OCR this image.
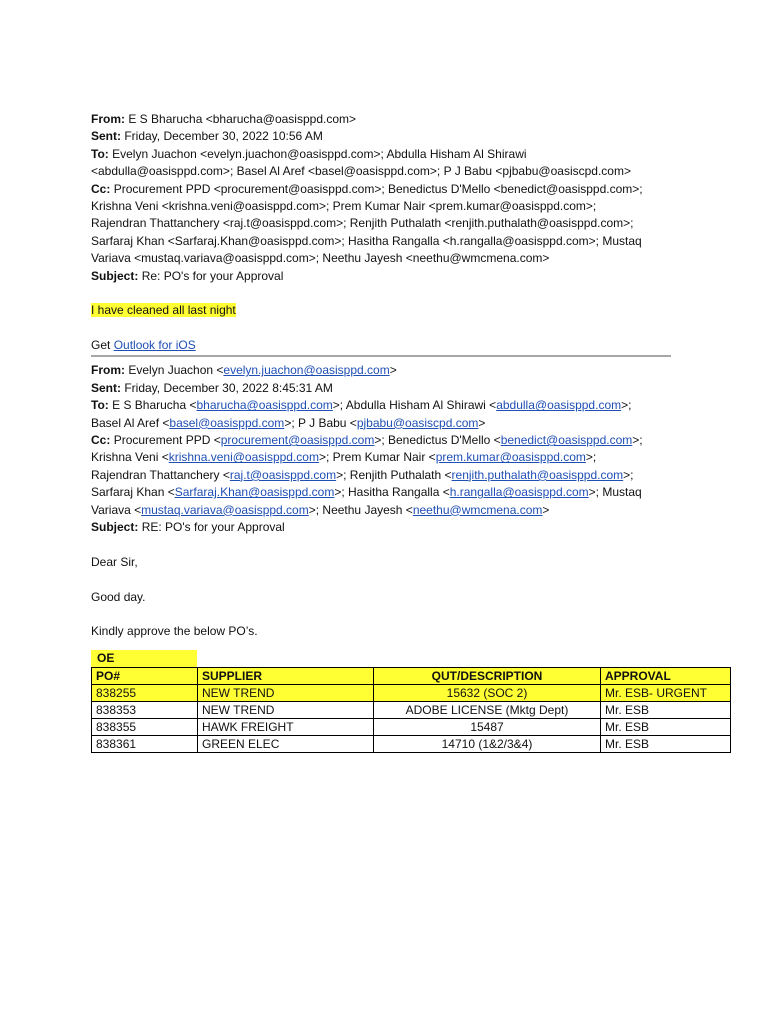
From: E S Bharucha <bharucha@oasisppd.com>
Sent: Friday, December 30, 2022 10:56 AM
To: Evelyn Juachon <evelyn.juachon@oasisppd.com>; Abdulla Hisham Al Shirawi
<abdulla@oasisppd.com>; Basel Al Aref <basel@oasisppd.com>; P J Babu <pjbabu@oasiscpd.com>
Cc: Procurement PPD <procurement@oasisppd.com>; Benedictus D'Mello <benedict@oasisppd.com>;
Krishna Veni <krishna.veni@oasisppd.com>; Prem Kumar Nair <prem.kumar@oasisppd.com>;
Rajendran Thattanchery <raj.t@oasisppd.com>; Renjith Puthalath <renjith.puthalath@oasisppd.com>;
Sarfaraj Khan <Sarfaraj.Khan@oasisppd.com>; Hasitha Rangalla <h.rangalla@oasisppd.com>; Mustaq
Variava <mustaq.variava@oasisppd.com>; Neethu Jayesh <neethu@wmcmena.com>
Subject: Re: PO's for your Approval
I have cleaned all last night
Get Outlook for iOS
From: Evelyn Juachon <evelyn.juachon@oasisppd.com>
Sent: Friday, December 30, 2022 8:45:31 AM
To: E S Bharucha <bharucha@oasisppd.com>; Abdulla Hisham Al Shirawi <abdulla@oasisppd.com>;
Basel Al Aref <basel@oasisppd.com>; P J Babu <pjbabu@oasiscpd.com>
Cc: Procurement PPD <procurement@oasisppd.com>; Benedictus D'Mello <benedict@oasisppd.com>;
Krishna Veni <krishna.veni@oasisppd.com>; Prem Kumar Nair <prem.kumar@oasisppd.com>;
Rajendran Thattanchery <raj.t@oasisppd.com>; Renjith Puthalath <renjith.puthalath@oasisppd.com>;
Sarfaraj Khan <Sarfaraj.Khan@oasisppd.com>; Hasitha Rangalla <h.rangalla@oasisppd.com>; Mustaq
Variava <mustaq.variava@oasisppd.com>; Neethu Jayesh <neethu@wmcmena.com>
Subject: RE: PO's for your Approval
Dear Sir,
Good day.
Kindly approve the below PO’s.
OE
PO#	SUPPLIER	QUT/DESCRIPTION	APPROVAL
838255	NEW TREND	15632 (SOC 2)	Mr. ESB- URGENT
838353	NEW TREND	ADOBE LICENSE (Mktg Dept)	Mr. ESB
838355	HAWK FREIGHT	15487	Mr. ESB
838361	GREEN ELEC	14710 (1&2/3&4)	Mr. ESB
